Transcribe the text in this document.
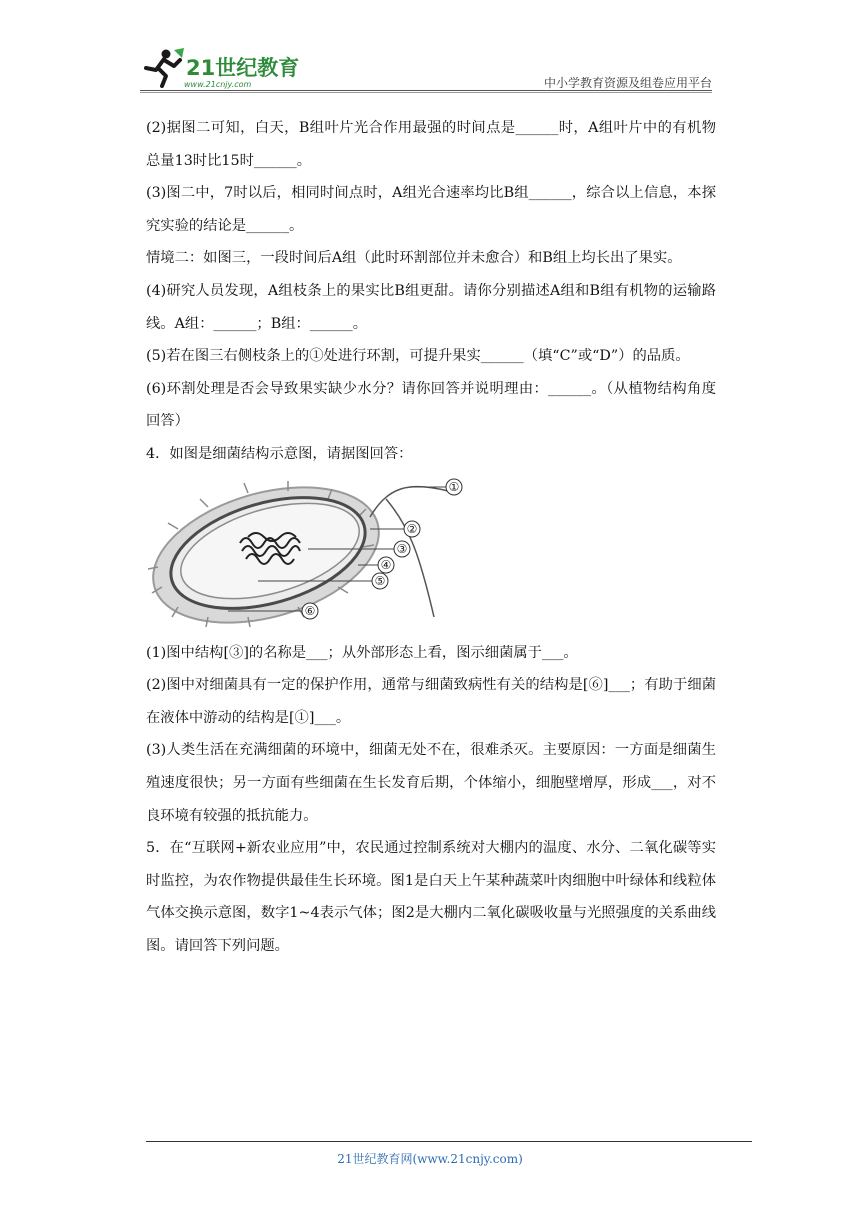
21世纪教育
www.21cnjy.com	中小学教育资源及组卷应用平台

(2)据图二可知，白天，B组叶片光合作用最强的时间点是______时，A组叶片中的有机物总量13时比15时______。

(3)图二中，7时以后，相同时间点时，A组光合速率均比B组______，综合以上信息，本探究实验的结论是______。

情境二：如图三，一段时间后A组（此时环割部位并未愈合）和B组上均长出了果实。

(4)研究人员发现，A组枝条上的果实比B组更甜。请你分别描述A组和B组有机物的运输路线。A组：______；B组：______。

(5)若在图三右侧枝条上的①处进行环割，可提升果实______（填“C”或“D”）的品质。

(6)环割处理是否会导致果实缺少水分？请你回答并说明理由：______。（从植物结构角度回答）

4．如图是细菌结构示意图，请据图回答：

①
②
③
④
⑤
⑥

(1)图中结构[③]的名称是___；从外部形态上看，图示细菌属于___。

(2)图中对细菌具有一定的保护作用，通常与细菌致病性有关的结构是[⑥]___；有助于细菌在液体中游动的结构是[①]___。

(3)人类生活在充满细菌的环境中，细菌无处不在，很难杀灭。主要原因：一方面是细菌生殖速度很快；另一方面有些细菌在生长发育后期，个体缩小，细胞壁增厚，形成___，对不良环境有较强的抵抗能力。

5．在“互联网+新农业应用”中，农民通过控制系统对大棚内的温度、水分、二氧化碳等实时监控，为农作物提供最佳生长环境。图1是白天上午某种蔬菜叶肉细胞中叶绿体和线粒体气体交换示意图，数字1~4表示气体；图2是大棚内二氧化碳吸收量与光照强度的关系曲线图。请回答下列问题。

21世纪教育网(www.21cnjy.com)
